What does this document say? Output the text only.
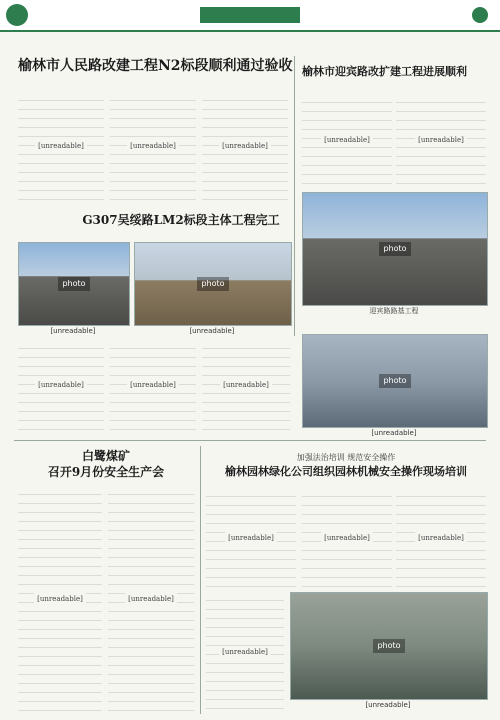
榆林市人民路改建工程N2标段顺利通过验收
[unreadable]	[unreadable]	[unreadable]
榆林市迎宾路改扩建工程进展顺利
[unreadable]	[unreadable]
photo
迎宾路路基工程
G307吴绥路LM2标段主体工程完工
photo	photo
[unreadable]	[unreadable]
[unreadable]	[unreadable]	[unreadable]	photo
[unreadable]
白鹭煤矿
召开9月份安全生产会
[unreadable]	[unreadable]
加强法治培训 规范安全操作
榆林园林绿化公司组织园林机械安全操作现场培训
[unreadable]	[unreadable]	[unreadable]
photo
[unreadable]
[unreadable]
